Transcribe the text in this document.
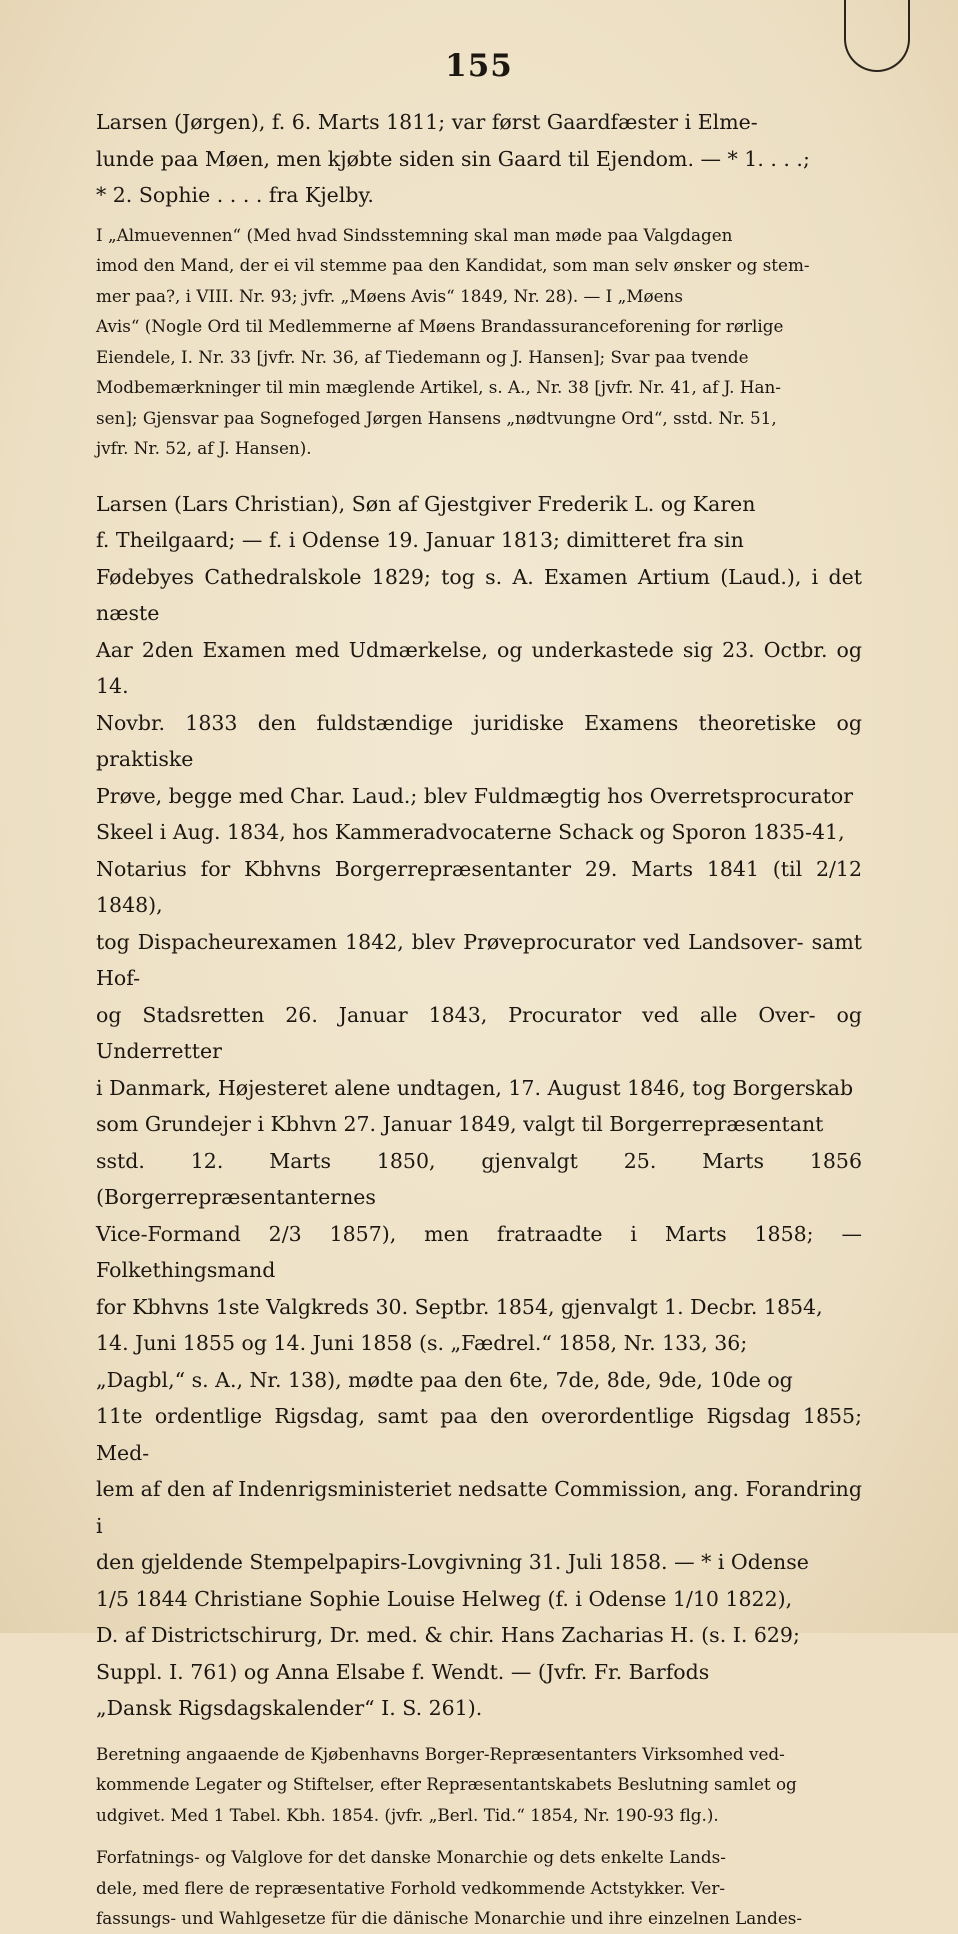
155

Larsen (Jørgen), f. 6. Marts 1811; var først Gaardfæster i Elme-

lunde paa Møen, men kjøbte siden sin Gaard til Ejendom. — * 1. . . .;

* 2. Sophie . . . . fra Kjelby.

I „Almuevennen“ (Med hvad Sindsstemning skal man møde paa Valgdagen

imod den Mand, der ei vil stemme paa den Kandidat, som man selv ønsker og stem-

mer paa?, i VIII. Nr. 93; jvfr. „Møens Avis“ 1849, Nr. 28). — I „Møens

Avis“ (Nogle Ord til Medlemmerne af Møens Brandassuranceforening for rørlige

Eiendele, I. Nr. 33 [jvfr. Nr. 36, af Tiedemann og J. Hansen]; Svar paa tvende

Modbemærkninger til min mæglende Artikel, s. A., Nr. 38 [jvfr. Nr. 41, af J. Han-

sen]; Gjensvar paa Sognefoged Jørgen Hansens „nødtvungne Ord“, sstd. Nr. 51,

jvfr. Nr. 52, af J. Hansen).

Larsen (Lars Christian), Søn af Gjestgiver Frederik L. og Karen

f. Theilgaard; — f. i Odense 19. Januar 1813; dimitteret fra sin

Fødebyes Cathedralskole 1829; tog s. A. Examen Artium (Laud.), i det næste

Aar 2den Examen med Udmærkelse, og underkastede sig 23. Octbr. og 14.

Novbr. 1833 den fuldstændige juridiske Examens theoretiske og praktiske

Prøve, begge med Char. Laud.; blev Fuldmægtig hos Overretsprocurator

Skeel i Aug. 1834, hos Kammeradvocaterne Schack og Sporon 1835-41,

Notarius for Kbhvns Borgerrepræsentanter 29. Marts 1841 (til 2/12 1848),

tog Dispacheurexamen 1842, blev Prøveprocurator ved Landsover- samt Hof-

og Stadsretten 26. Januar 1843, Procurator ved alle Over- og Underretter

i Danmark, Højesteret alene undtagen, 17. August 1846, tog Borgerskab

som Grundejer i Kbhvn 27. Januar 1849, valgt til Borgerrepræsentant

sstd. 12. Marts 1850, gjenvalgt 25. Marts 1856 (Borgerrepræsentanternes

Vice-Formand 2/3 1857), men fratraadte i Marts 1858; — Folkethingsmand

for Kbhvns 1ste Valgkreds 30. Septbr. 1854, gjenvalgt 1. Decbr. 1854,

14. Juni 1855 og 14. Juni 1858 (s. „Fædrel.“ 1858, Nr. 133, 36;

„Dagbl,“ s. A., Nr. 138), mødte paa den 6te, 7de, 8de, 9de, 10de og

11te ordentlige Rigsdag, samt paa den overordentlige Rigsdag 1855; Med-

lem af den af Indenrigsministeriet nedsatte Commission, ang. Forandring i

den gjeldende Stempelpapirs-Lovgivning 31. Juli 1858. — * i Odense

1/5 1844 Christiane Sophie Louise Helweg (f. i Odense 1/10 1822),

D. af Districtschirurg, Dr. med. & chir. Hans Zacharias H. (s. I. 629;

Suppl. I. 761) og Anna Elsabe f. Wendt. — (Jvfr. Fr. Barfods

„Dansk Rigsdagskalender“ I. S. 261).

Beretning angaaende de Kjøbenhavns Borger-Repræsentanters Virksomhed ved-

kommende Legater og Stiftelser, efter Repræsentantskabets Beslutning samlet og

udgivet. Med 1 Tabel. Kbh. 1854. (jvfr. „Berl. Tid.“ 1854, Nr. 190-93 flg.).

Forfatnings- og Valglove for det danske Monarchie og dets enkelte Lands-

dele, med flere de repræsentative Forhold vedkommende Actstykker. Ver-

fassungs- und Wahlgesetze für die dänische Monarchie und ihre einzelnen Landes-
